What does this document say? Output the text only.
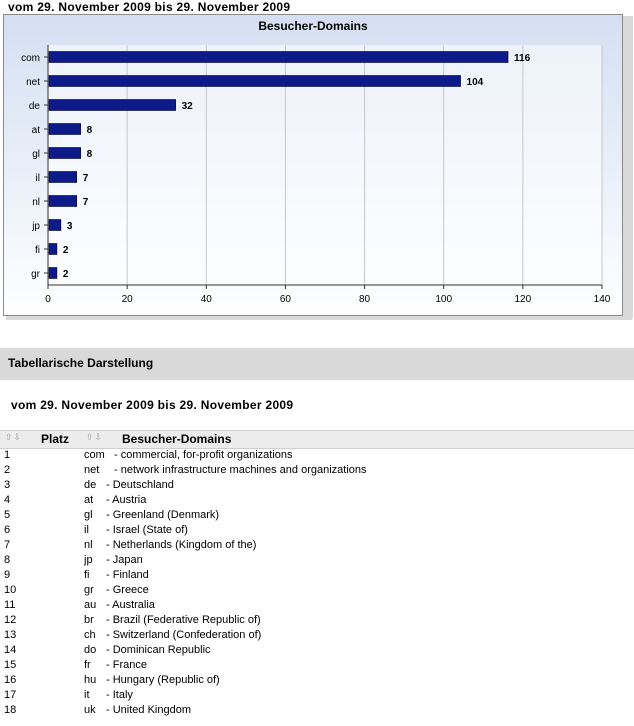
vom 29. November 2009 bis 29. November 2009
Besucher-Domains
0	20	40	60	80	100	120	140
com	116
net	104
de	32
at	8
gl	8
il	7
nl	7
jp	3
fi 2
gr 2
Tabellarische Darstellung
vom 29. November 2009 bis 29. November 2009
⇧⇩ Platz ⇧⇩ Besucher-Domains
1	com - commercial, for-profit organizations
2	net - network infrastructure machines and organizations
3	de - Deutschland
4	at - Austria
5	gl - Greenland (Denmark)
6	il - Israel (State of)
7	nl - Netherlands (Kingdom of the)
8	jp - Japan
9	fi - Finland
10	gr - Greece
11	au - Australia
12	br - Brazil (Federative Republic of)
13	ch - Switzerland (Confederation of)
14	do - Dominican Republic
15	fr - France
16	hu - Hungary (Republic of)
17	it - Italy
18	uk - United Kingdom
